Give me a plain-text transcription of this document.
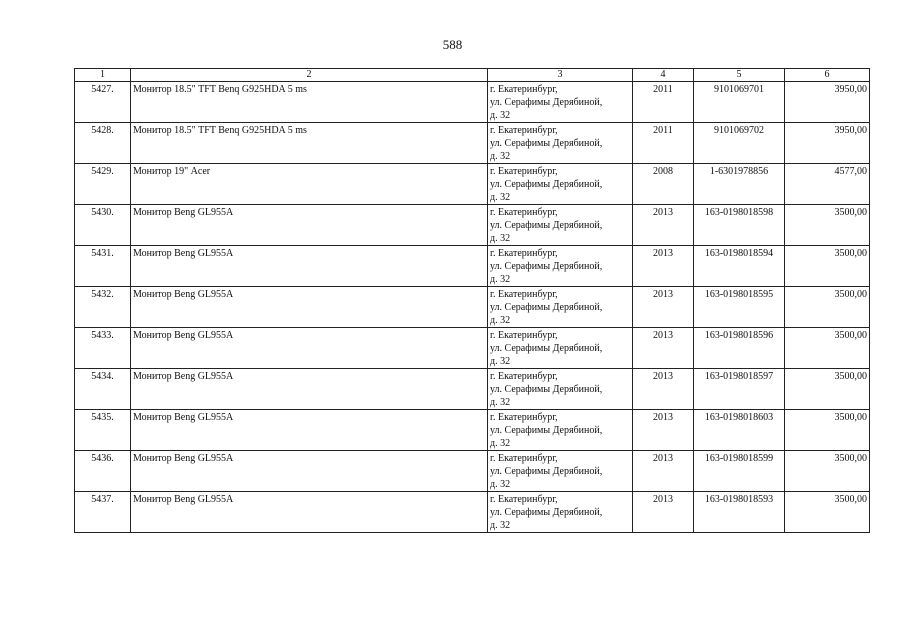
588
1	2	3	4	5	6
5427.	Монитор 18.5" TFT Benq G925HDA 5 ms	г. Екатеринбург,
ул. Серафимы Дерябиной,
д. 32	2011	9101069701	3950,00
5428.	Монитор 18.5" TFT Benq G925HDA 5 ms	г. Екатеринбург,
ул. Серафимы Дерябиной,
д. 32	2011	9101069702	3950,00
5429.	Монитор 19" Acer	г. Екатеринбург,
ул. Серафимы Дерябиной,
д. 32	2008	1-6301978856	4577,00
5430.	Монитор Beng GL955A	г. Екатеринбург,
ул. Серафимы Дерябиной,
д. 32	2013	163-0198018598	3500,00
5431.	Монитор Beng GL955A	г. Екатеринбург,
ул. Серафимы Дерябиной,
д. 32	2013	163-0198018594	3500,00
5432.	Монитор Beng GL955A	г. Екатеринбург,
ул. Серафимы Дерябиной,
д. 32	2013	163-0198018595	3500,00
5433.	Монитор Beng GL955A	г. Екатеринбург,
ул. Серафимы Дерябиной,
д. 32	2013	163-0198018596	3500,00
5434.	Монитор Beng GL955A	г. Екатеринбург,
ул. Серафимы Дерябиной,
д. 32	2013	163-0198018597	3500,00
5435.	Монитор Beng GL955A	г. Екатеринбург,
ул. Серафимы Дерябиной,
д. 32	2013	163-0198018603	3500,00
5436.	Монитор Beng GL955A	г. Екатеринбург,
ул. Серафимы Дерябиной,
д. 32	2013	163-0198018599	3500,00
5437.	Монитор Beng GL955A	г. Екатеринбург,
ул. Серафимы Дерябиной,
д. 32	2013	163-0198018593	3500,00
